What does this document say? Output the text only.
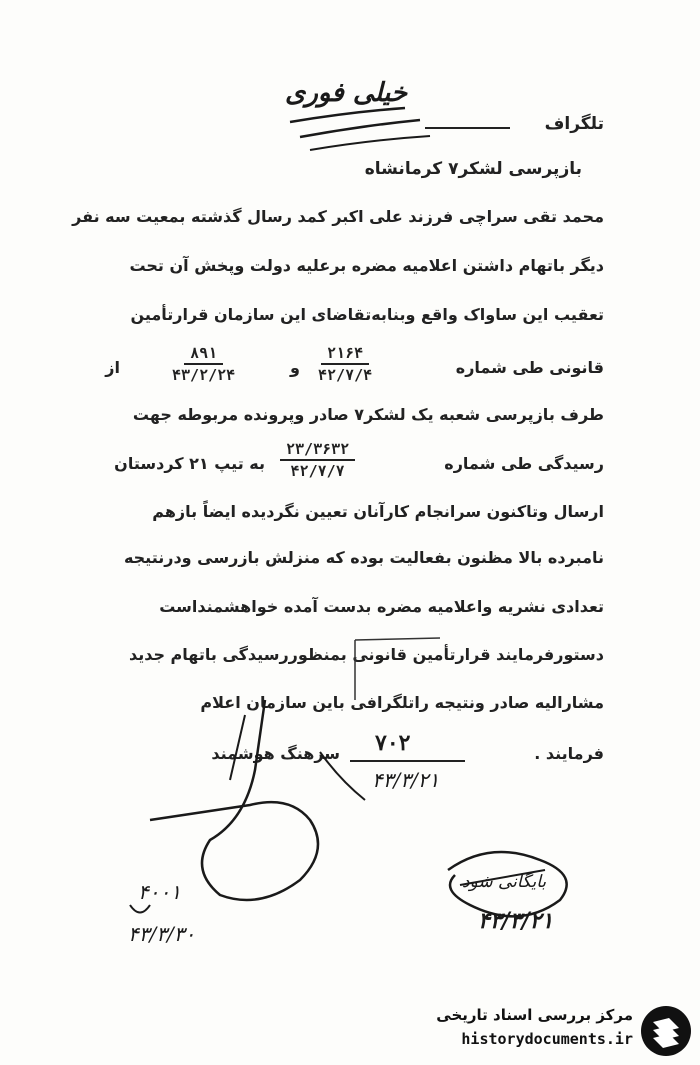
خیلی فوری
تلگراف
بازپرسی لشکر۷ کرمانشاه
محمد تقی سراچی فرزند علی اکبر کمد رسال گذشته بمعیت سه نفر
دیگر باتهام داشتن اعلامیه مضره برعلیه دولت وپخش آن تحت
تعقیب این ساواک واقع وبنابه‌تقاضای این سازمان قرارتأمین
قانونی طی شماره
۲۱۶۴
۴۲/۷/۴
و
۸۹۱
۴۳/۲/۲۴
از
طرف بازپرسی شعبه یک لشکر۷ صادر وپرونده مربوطه جهت
رسیدگی طی شماره
۲۳/۳۶۳۲
۴۲/۷/۷
به تیپ ۲۱ کردستان
ارسال وتاکنون سرانجام کارآنان تعیین نگردیده ایضاً بازهم
نامبرده بالا مظنون بفعالیت بوده که منزلش بازرسی ودرنتیجه
تعدادی نشریه واعلامیه مضره بدست آمده خواهشمنداست
دستورفرمایند قرارتأمین قانونی بمنظوررسیدگی باتهام جدید
مشارالیه صادر ونتیجه راتلگرافی باین سازمان اعلام
فرمایند .
۷۰۲
سرهنگ هوشمند
۴۳/۳/۲۱
۴۰۰۱
۴۳/۳/۳۰
بایگانی شود
۴۳/۳/۲۱
مرکز بررسی اسناد تاریخی
historydocuments.ir
